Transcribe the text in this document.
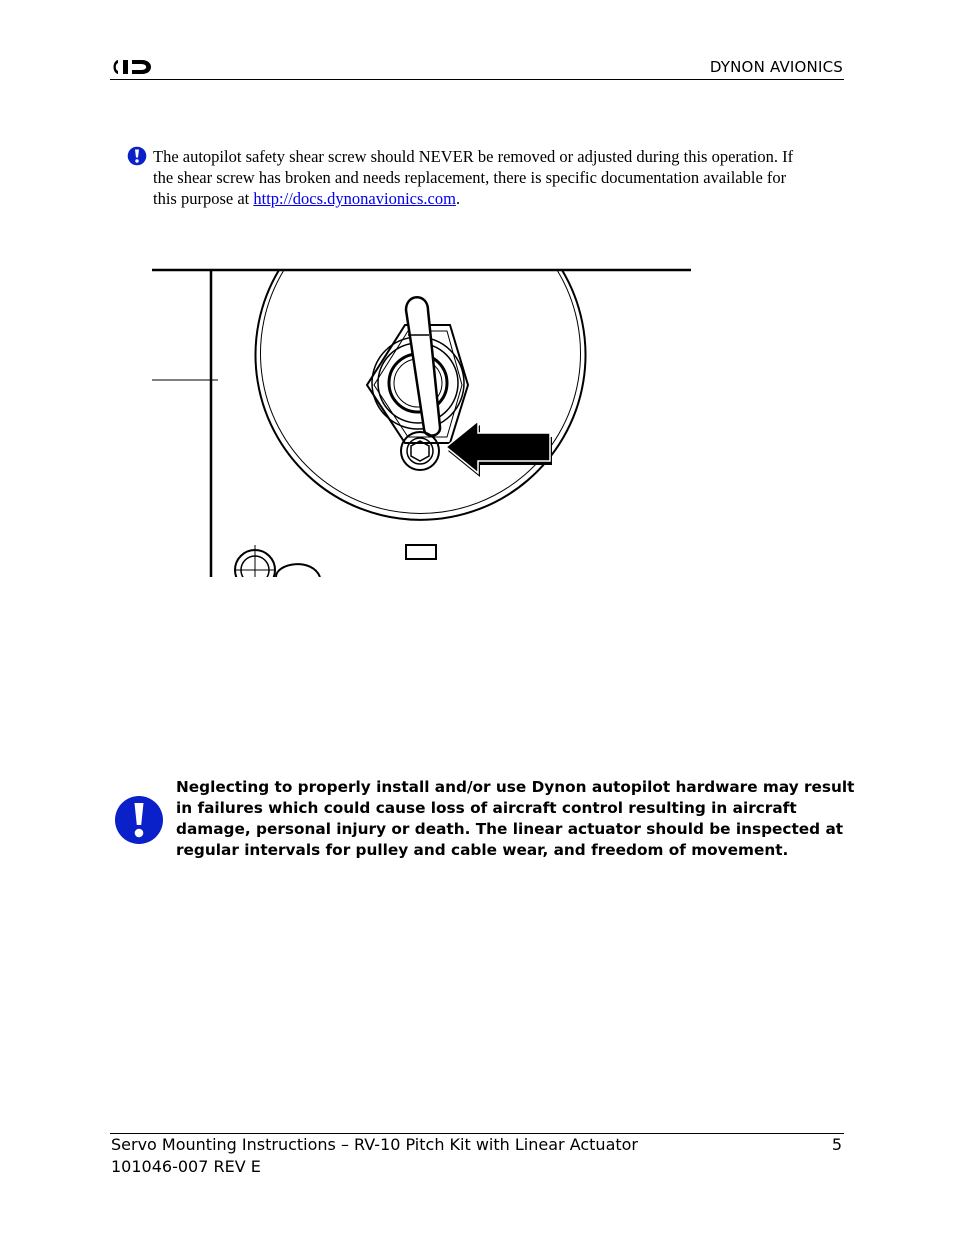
DYNON AVIONICS
The autopilot safety shear screw should NEVER be removed or adjusted during this operation. If the shear screw has broken and needs replacement, there is specific documentation available for this purpose at http://docs.dynonavionics.com.
Neglecting to properly install and/or use Dynon autopilot hardware may result in failures which could cause loss of aircraft control resulting in aircraft damage, personal injury or death. The linear actuator should be inspected at regular intervals for pulley and cable wear, and freedom of movement.
Servo Mounting Instructions – RV-10 Pitch Kit with Linear Actuator
101046-007 REV E
5
